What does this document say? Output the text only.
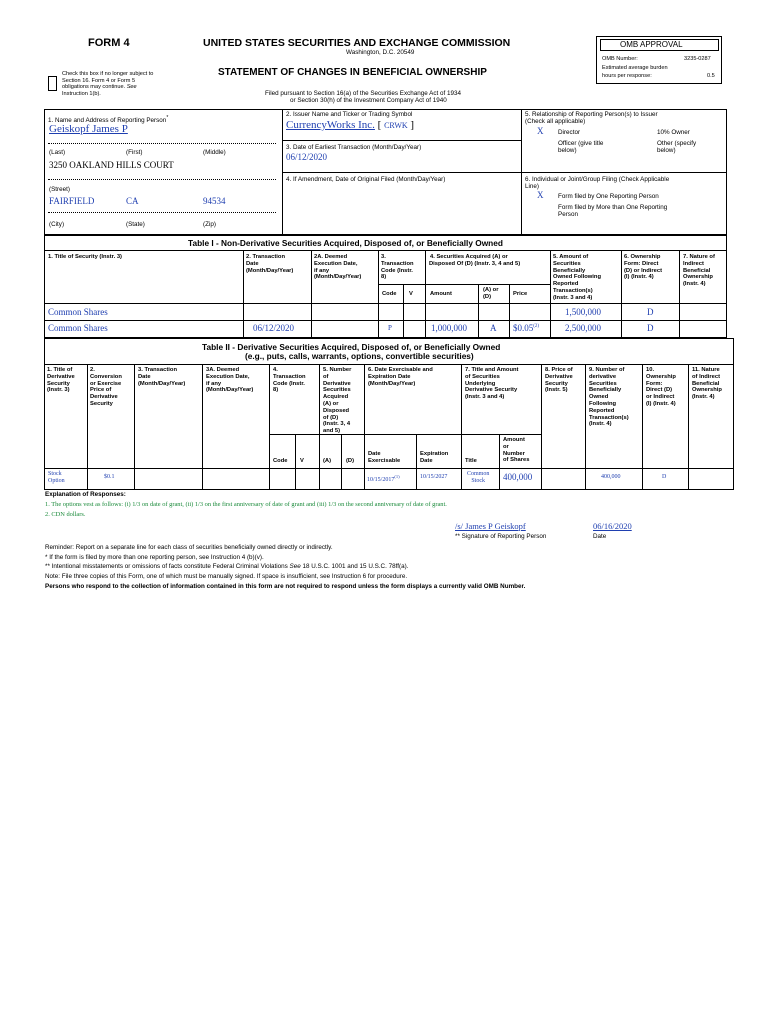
FORM 4	UNITED STATES SECURITIES AND EXCHANGE COMMISSION
Washington, D.C. 20549
STATEMENT OF CHANGES IN BENEFICIAL OWNERSHIP
Filed pursuant to Section 16(a) of the Securities Exchange Act of 1934
or Section 30(h) of the Investment Company Act of 1940
Check this box if no longer subject to
Section 16. Form 4 or Form 5
obligations may continue. See
Instruction 1(b).
OMB APPROVAL
OMB Number:	3235-0287
Estimated average burden
hours per response:	0.5
1. Name and Address of Reporting Person*
Geiskopf James P
(Last)	(First)	(Middle)
3250 OAKLAND HILLS COURT
(Street)
FAIRFIELD	CA	94534
(City)	(State)	(Zip)
2. Issuer Name and Ticker or Trading Symbol
CurrencyWorks Inc. [ CRWK ]
3. Date of Earliest Transaction (Month/Day/Year)
06/12/2020
4. If Amendment, Date of Original Filed (Month/Day/Year)
5. Relationship of Reporting Person(s) to Issuer
(Check all applicable)
X Director	10% Owner
Officer (give title
below)
Other (specify
below)
6. Individual or Joint/Group Filing (Check Applicable
Line)
X Form filed by One Reporting Person
Form filed by More than One Reporting
Person
Table I - Non-Derivative Securities Acquired, Disposed of, or Beneficially Owned
1. Title of Security (Instr. 3)	2. Transaction
Date
(Month/Day/Year)
2A. Deemed
Execution Date,
if any
(Month/Day/Year)
3.
Transaction
Code (Instr.
8)
4. Securities Acquired (A) or
Disposed Of (D) (Instr. 3, 4 and 5)
5. Amount of
Securities
Beneficially
Owned Following
Reported
Transaction(s)
(Instr. 3 and 4)
6. Ownership
Form: Direct
(D) or Indirect
(I) (Instr. 4)
7. Nature of
Indirect
Beneficial
Ownership
(Instr. 4)
Code V	Amount
(A) or
(D)	Price
Common Shares	1,500,000	D
Common Shares	06/12/2020	P	1,000,000	A $0.05$^{(2)}$	2,500,000	D
Table II - Derivative Securities Acquired, Disposed of, or Beneficially Owned
(e.g., puts, calls, warrants, options, convertible securities)
1. Title of
Derivative
Security
(Instr. 3)
2.
Conversion
or Exercise
Price of
Derivative
Security
3. Transaction
Date
(Month/Day/Year)
3A. Deemed
Execution Date,
if any
(Month/Day/Year)
4.
Transaction
Code (Instr.
8)
5. Number
of
Derivative
Securities
Acquired
(A) or
Disposed
of (D)
(Instr. 3, 4
and 5)
6. Date Exercisable and
Expiration Date
(Month/Day/Year)
7. Title and Amount
of Securities
Underlying
Derivative Security
(Instr. 3 and 4)
8. Price of
Derivative
Security
(Instr. 5)
9. Number of
derivative
Securities
Beneficially
Owned
Following
Reported
Transaction(s)
(Instr. 4)
10.
Ownership
Form:
Direct (D)
or Indirect
(I) (Instr. 4)
11. Nature
of Indirect
Beneficial
Ownership
(Instr. 4)
Code V	(A)	(D)
Date
Exercisable
Expiration
Date	Title
Amount
or
Number
of Shares
Stock
Option
$0.1	10/15/2017$^{(1)}$	10/15/2027	Common
Stock	400,000	400,000	D
Explanation of Responses:
1. The options vest as follows: (i) 1/3 on date of grant, (ii) 1/3 on the first anniversary of date of grant and (iii) 1/3 on the second anniversary of date of grant.
2. CDN dollars.
/s/ James P Geiskopf	06/16/2020
** Signature of Reporting Person	Date
Reminder: Report on a separate line for each class of securities beneficially owned directly or indirectly.
* If the form is filed by more than one reporting person, see Instruction 4 (b)(v).
** Intentional misstatements or omissions of facts constitute Federal Criminal Violations See 18 U.S.C. 1001 and 15 U.S.C. 78ff(a).
Note: File three copies of this Form, one of which must be manually signed. If space is insufficient, see Instruction 6 for procedure.
Persons who respond to the collection of information contained in this form are not required to respond unless the form displays a currently valid OMB Number.
